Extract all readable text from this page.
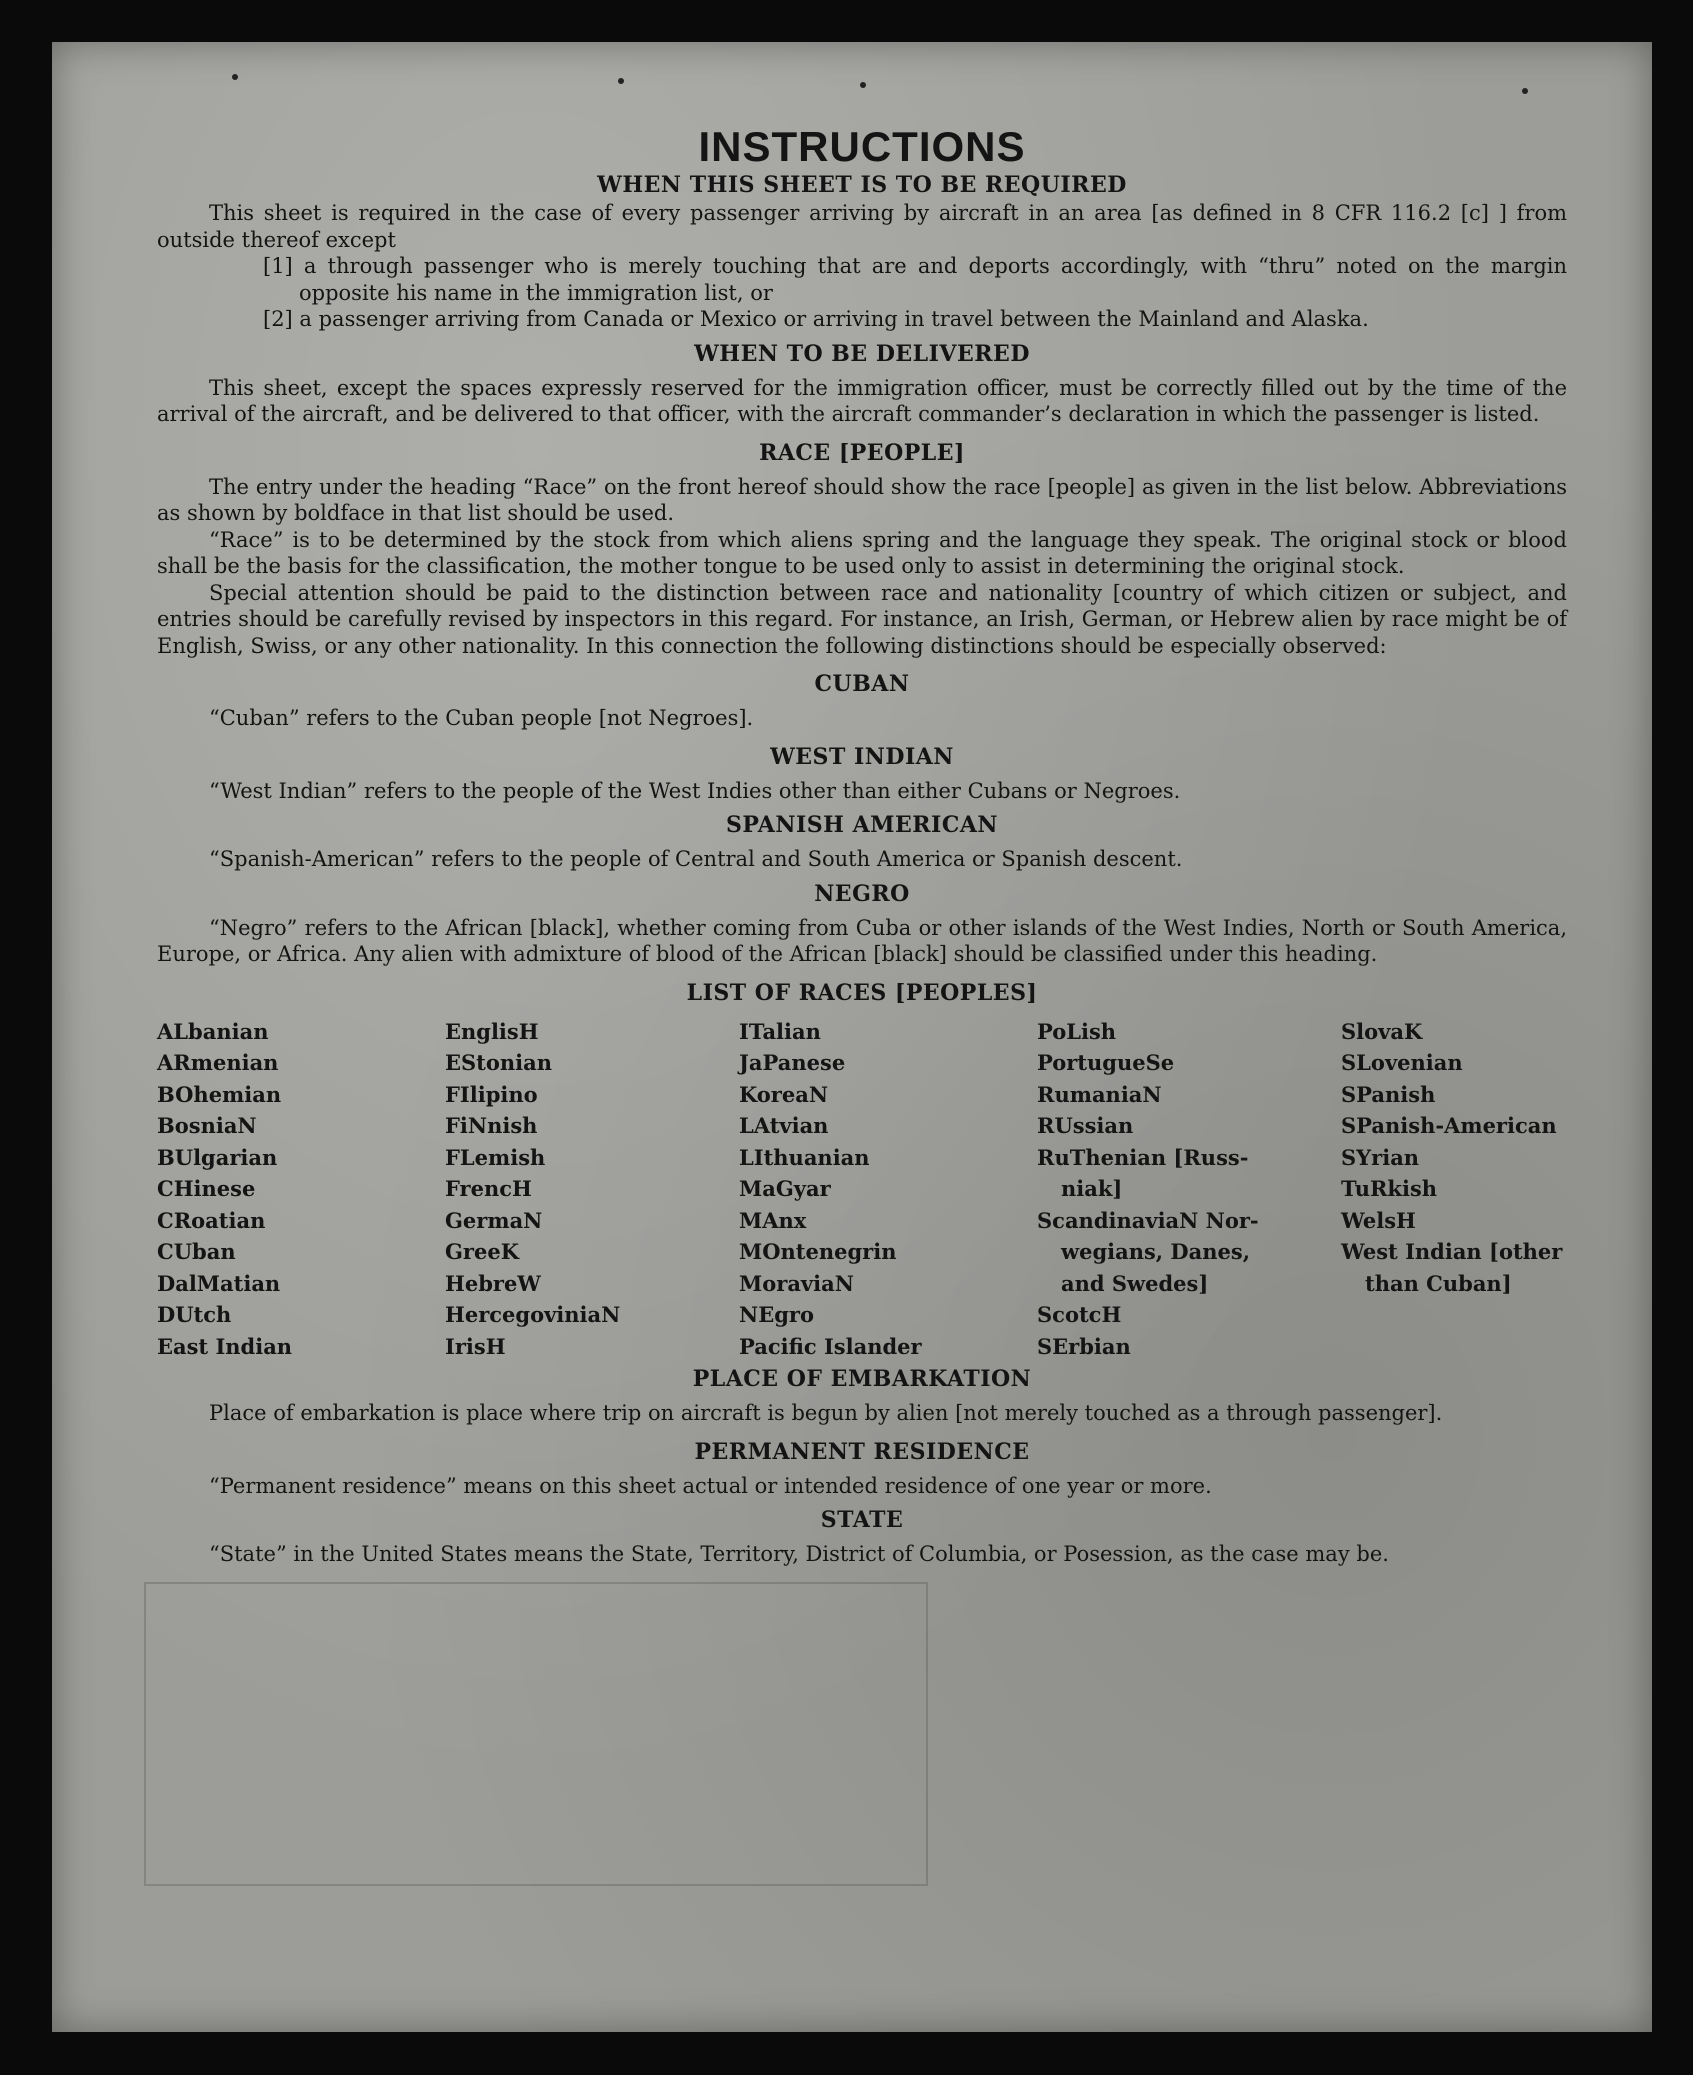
INSTRUCTIONS
WHEN THIS SHEET IS TO BE REQUIRED

This sheet is required in the case of every passenger arriving by aircraft in an area [as defined in 8 CFR 116.2 [c] ] from outside thereof except

[1] a through passenger who is merely touching that are and deports accordingly, with “thru” noted on the margin opposite his name in the immigration list, or

[2] a passenger arriving from Canada or Mexico or arriving in travel between the Mainland and Alaska.

WHEN TO BE DELIVERED

This sheet, except the spaces expressly reserved for the immigration officer, must be correctly filled out by the time of the arrival of the aircraft, and be delivered to that officer, with the aircraft commander’s declaration in which the passenger is listed.

RACE [PEOPLE]

The entry under the heading “Race” on the front hereof should show the race [people] as given in the list below. Abbreviations as shown by boldface in that list should be used.

“Race” is to be determined by the stock from which aliens spring and the language they speak. The original stock or blood shall be the basis for the classification, the mother tongue to be used only to assist in determining the original stock.

Special attention should be paid to the distinction between race and nationality [country of which citizen or subject, and entries should be carefully revised by inspectors in this regard. For instance, an Irish, German, or Hebrew alien by race might be of English, Swiss, or any other nationality. In this connection the following distinctions should be especially observed:

CUBAN

“Cuban” refers to the Cuban people [not Negroes].

WEST INDIAN

“West Indian” refers to the people of the West Indies other than either Cubans or Negroes.

SPANISH AMERICAN

“Spanish-American” refers to the people of Central and South America or Spanish descent.

NEGRO

“Negro” refers to the African [black], whether coming from Cuba or other islands of the West Indies, North or South America, Europe, or Africa. Any alien with admixture of blood of the African [black] should be classified under this heading.

LIST OF RACES [PEOPLES]
ALbanian
ARmenian
BOhemian
BosniaN
BUlgarian
CHinese
CRoatian
CUban
DalMatian
DUtch
East Indian
EnglisH
EStonian
FIlipino
FiNnish
FLemish
FrencH
GermaN
GreeK
HebreW
HercegoviniaN
IrisH
ITalian
JaPanese
KoreaN
LAtvian
LIthuanian
MaGyar
MAnx
MOntenegrin
MoraviaN
NEgro
Pacific Islander
PoLish
PortugueSe
RumaniaN
RUssian
RuThenian [Russ-
niak]
ScandinaviaN Nor-
wegians, Danes,
and Swedes]
ScotcH
SErbian
SlovaK
SLovenian
SPanish
SPanish-American
SYrian
TuRkish
WelsH
West Indian [other
than Cuban]
PLACE OF EMBARKATION

Place of embarkation is place where trip on aircraft is begun by alien [not merely touched as a through passenger].

PERMANENT RESIDENCE

“Permanent residence” means on this sheet actual or intended residence of one year or more.

STATE

“State” in the United States means the State, Territory, District of Columbia, or Posession, as the case may be.
